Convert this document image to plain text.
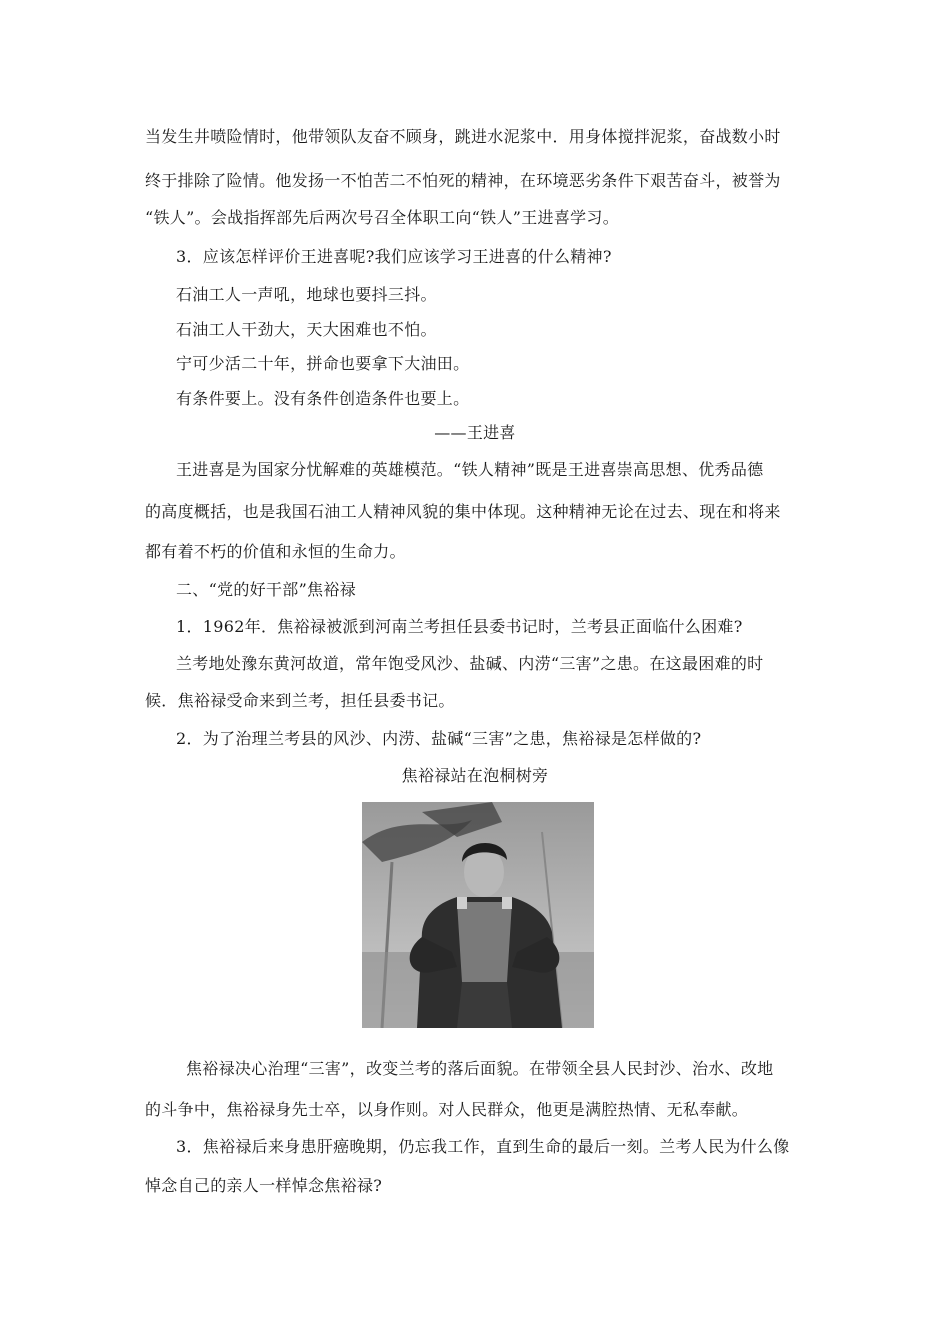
当发生井喷险情时，他带领队友奋不顾身，跳进水泥浆中．用身体搅拌泥浆，奋战数小时
终于排除了险情。他发扬一不怕苦二不怕死的精神，在环境恶劣条件下艰苦奋斗，被誉为
“铁人”。会战指挥部先后两次号召全体职工向“铁人”王进喜学习。
3．应该怎样评价王进喜呢?我们应该学习王进喜的什么精神?
石油工人一声吼，地球也要抖三抖。
石油工人干劲大，天大困难也不怕。
宁可少活二十年，拼命也要拿下大油田。
有条件要上。没有条件创造条件也要上。
——王进喜
王进喜是为国家分忧解难的英雄模范。“铁人精神”既是王进喜崇高思想、优秀品德
的高度概括，也是我国石油工人精神风貌的集中体现。这种精神无论在过去、现在和将来
都有着不朽的价值和永恒的生命力。
二、“党的好干部”焦裕禄
1．1962年．焦裕禄被派到河南兰考担任县委书记时，兰考县正面临什么困难?
兰考地处豫东黄河故道，常年饱受风沙、盐碱、内涝“三害”之患。在这最困难的时
候．焦裕禄受命来到兰考，担任县委书记。
2．为了治理兰考县的风沙、内涝、盐碱“三害”之患，焦裕禄是怎样做的?
焦裕禄站在泡桐树旁
焦裕禄决心治理“三害”，改变兰考的落后面貌。在带领全县人民封沙、治水、改地
的斗争中，焦裕禄身先士卒，以身作则。对人民群众，他更是满腔热情、无私奉献。
3．焦裕禄后来身患肝癌晚期，仍忘我工作，直到生命的最后一刻。兰考人民为什么像
悼念自己的亲人一样悼念焦裕禄?
